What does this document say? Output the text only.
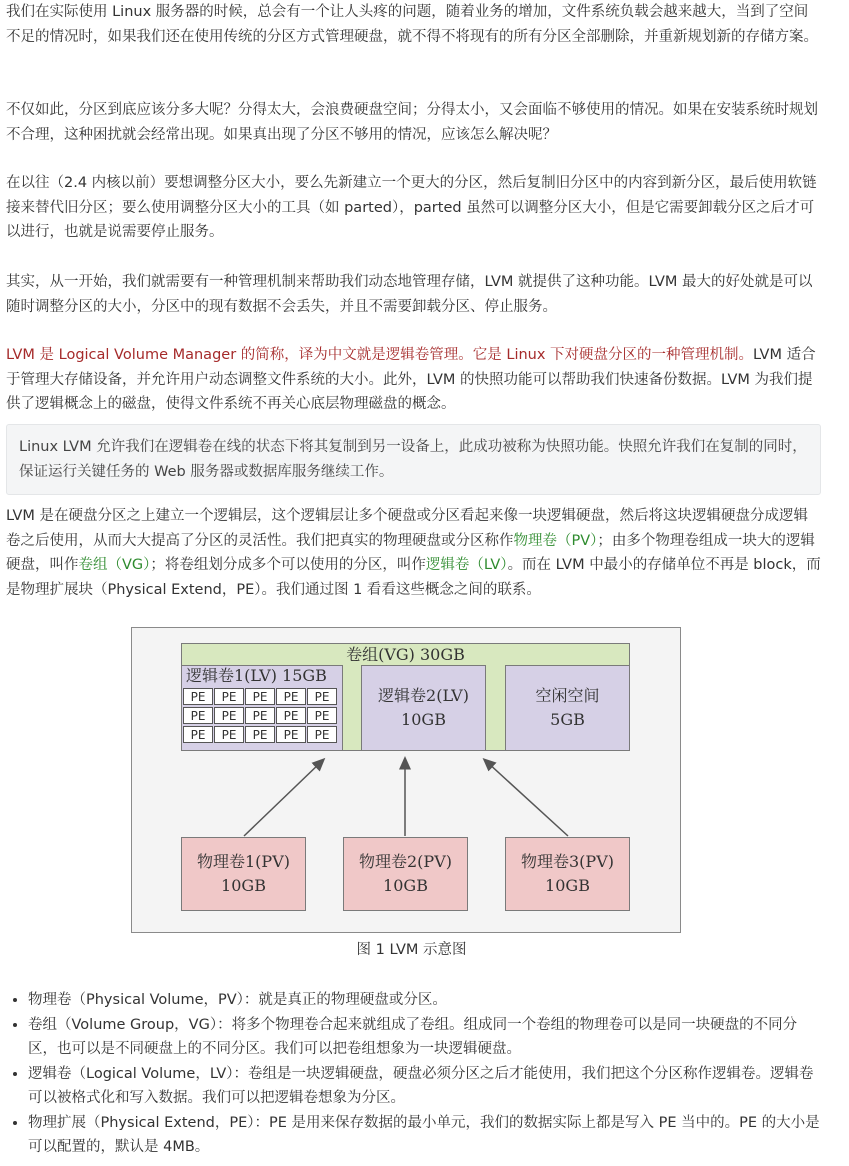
我们在实际使用 Linux 服务器的时候，总会有一个让人头疼的问题，随着业务的增加，文件系统负载会越来越大，当到了空间不足的情况时，如果我们还在使用传统的分区方式管理硬盘，就不得不将现有的所有分区全部删除，并重新规划新的存储方案。

不仅如此，分区到底应该分多大呢？分得太大，会浪费硬盘空间；分得太小，又会面临不够使用的情况。如果在安装系统时规划不合理，这种困扰就会经常出现。如果真出现了分区不够用的情况，应该怎么解决呢？

在以往（2.4 内核以前）要想调整分区大小，要么先新建立一个更大的分区，然后复制旧分区中的内容到新分区，最后使用软链接来替代旧分区；要么使用调整分区大小的工具（如 parted），parted 虽然可以调整分区大小，但是它需要卸载分区之后才可以进行，也就是说需要停止服务。

其实，从一开始，我们就需要有一种管理机制来帮助我们动态地管理存储，LVM 就提供了这种功能。LVM 最大的好处就是可以随时调整分区的大小，分区中的现有数据不会丢失，并且不需要卸载分区、停止服务。

LVM 是 Logical Volume Manager 的简称，译为中文就是逻辑卷管理。它是 Linux 下对硬盘分区的一种管理机制。LVM 适合于管理大存储设备，并允许用户动态调整文件系统的大小。此外，LVM 的快照功能可以帮助我们快速备份数据。LVM 为我们提供了逻辑概念上的磁盘，使得文件系统不再关心底层物理磁盘的概念。

Linux LVM 允许我们在逻辑卷在线的状态下将其复制到另一设备上，此成功被称为快照功能。快照允许我们在复制的同时，保证运行关键任务的 Web 服务器或数据库服务继续工作。

LVM 是在硬盘分区之上建立一个逻辑层，这个逻辑层让多个硬盘或分区看起来像一块逻辑硬盘，然后将这块逻辑硬盘分成逻辑卷之后使用，从而大大提高了分区的灵活性。我们把真实的物理硬盘或分区称作物理卷（PV）；由多个物理卷组成一块大的逻辑硬盘，叫作卷组（VG）；将卷组划分成多个可以使用的分区，叫作逻辑卷（LV）。而在 LVM 中最小的存储单位不再是 block，而是物理扩展块（Physical Extend，PE）。我们通过图 1 看看这些概念之间的联系。

卷组(VG) 30GB
逻辑卷1(LV) 15GB
PE	PE	PE	PE	PE
PE	PE	PE	PE	PE
PE	PE	PE	PE	PE
逻辑卷2(LV)
10GB
空闲空间
5GB
物理卷1(PV)
10GB
物理卷2(PV)
10GB
物理卷3(PV)
10GB
图 1 LVM 示意图
• 物理卷（Physical Volume，PV）：就是真正的物理硬盘或分区。
• 卷组（Volume Group，VG）：将多个物理卷合起来就组成了卷组。组成同一个卷组的物理卷可以是同一块硬盘的不同分区，也可以是不同硬盘上的不同分区。我们可以把卷组想象为一块逻辑硬盘。
• 逻辑卷（Logical Volume，LV）：卷组是一块逻辑硬盘，硬盘必须分区之后才能使用，我们把这个分区称作逻辑卷。逻辑卷可以被格式化和写入数据。我们可以把逻辑卷想象为分区。
• 物理扩展（Physical Extend，PE）：PE 是用来保存数据的最小单元，我们的数据实际上都是写入 PE 当中的。PE 的大小是可以配置的，默认是 4MB。
